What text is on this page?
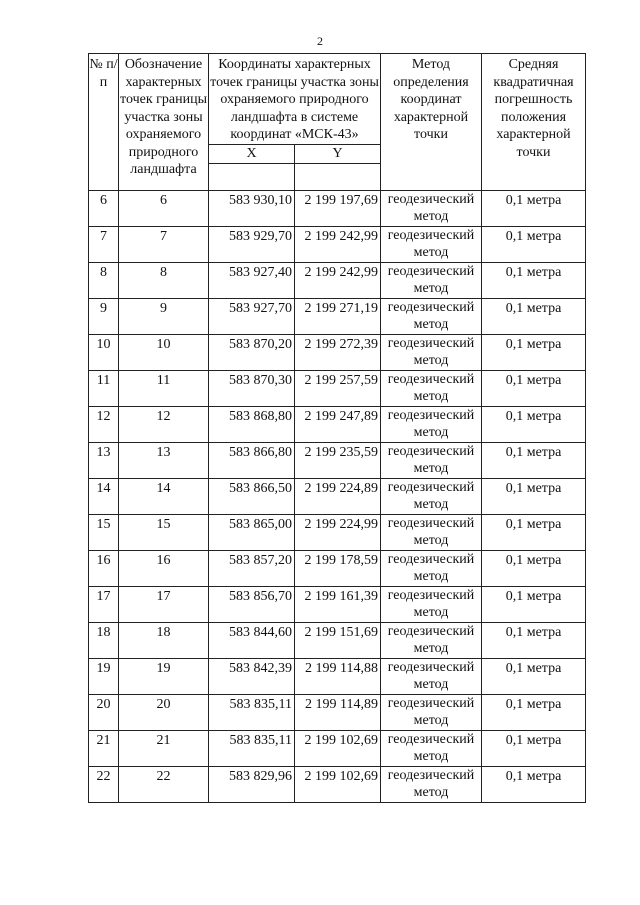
2
№ п/п	Обозначение характерных точек границы участка зоны охраняемого природного ландшафта	Координаты характерных точек границы участка зоны охраняемого природного ландшафта в системе координат «МСК-43»		Метод определения координат характерной точки	Средняя квадратичная погрешность положения характерной точки
		X	Y		

6	6	583 930,10	2 199 197,69	геодезический метод	0,1 метра
7	7	583 929,70	2 199 242,99	геодезический метод	0,1 метра
8	8	583 927,40	2 199 242,99	геодезический метод	0,1 метра
9	9	583 927,70	2 199 271,19	геодезический метод	0,1 метра
10	10	583 870,20	2 199 272,39	геодезический метод	0,1 метра
11	11	583 870,30	2 199 257,59	геодезический метод	0,1 метра
12	12	583 868,80	2 199 247,89	геодезический метод	0,1 метра
13	13	583 866,80	2 199 235,59	геодезический метод	0,1 метра
14	14	583 866,50	2 199 224,89	геодезический метод	0,1 метра
15	15	583 865,00	2 199 224,99	геодезический метод	0,1 метра
16	16	583 857,20	2 199 178,59	геодезический метод	0,1 метра
17	17	583 856,70	2 199 161,39	геодезический метод	0,1 метра
18	18	583 844,60	2 199 151,69	геодезический метод	0,1 метра
19	19	583 842,39	2 199 114,88	геодезический метод	0,1 метра
20	20	583 835,11	2 199 114,89	геодезический метод	0,1 метра
21	21	583 835,11	2 199 102,69	геодезический метод	0,1 метра
22	22	583 829,96	2 199 102,69	геодезический метод	0,1 метра
